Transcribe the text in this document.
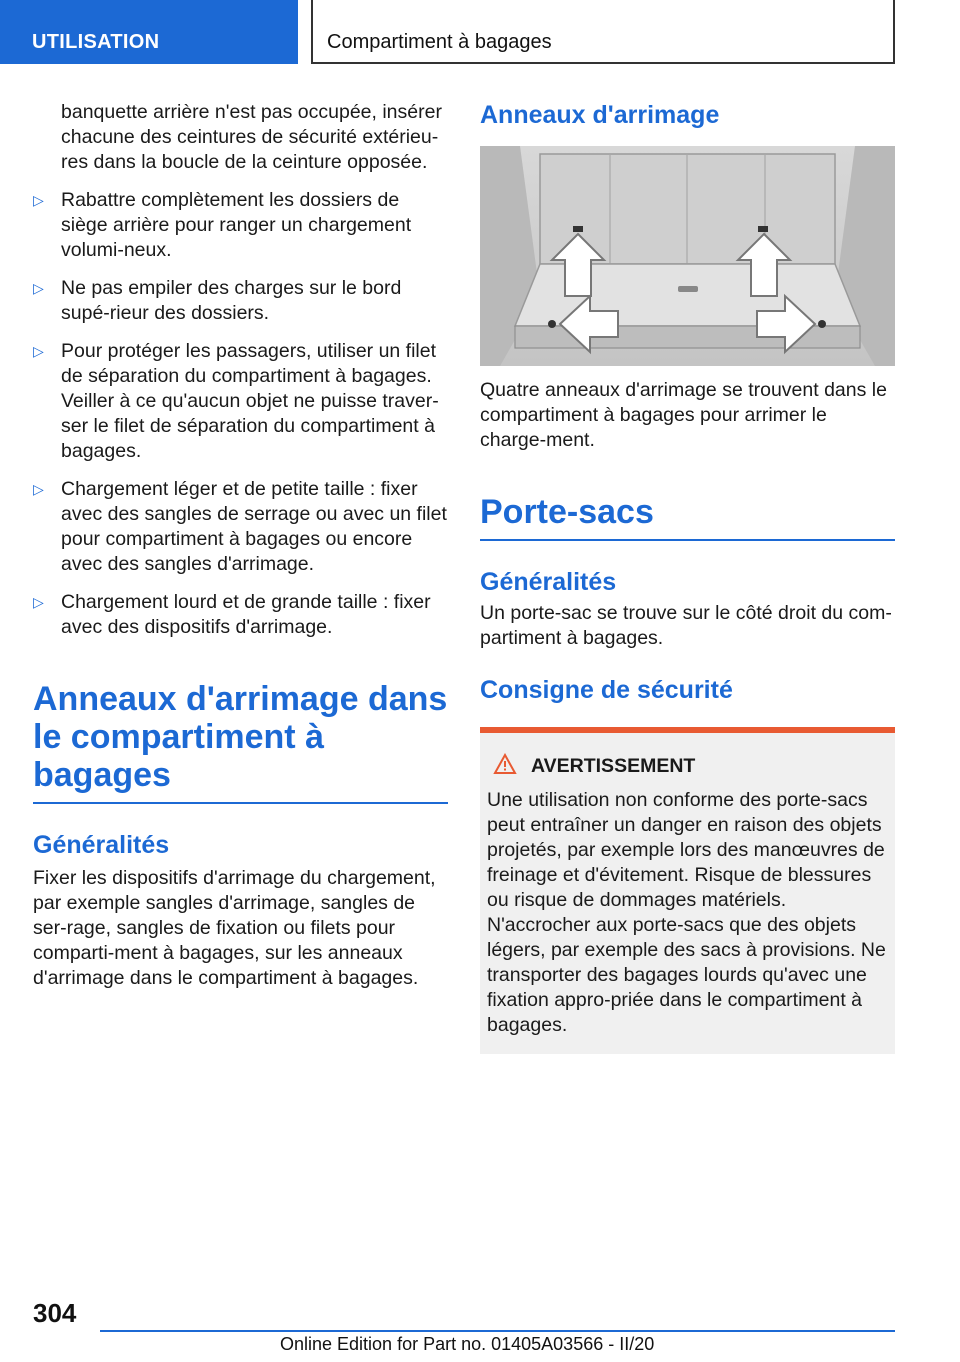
UTILISATION	Compartiment à bagages

banquette arrière n'est pas occupée, insérer chacune des ceintures de sécurité extérieu-res dans la boucle de la ceinture opposée.

▷ Rabattre complètement les dossiers de siège arrière pour ranger un chargement volumi-neux.
▷ Ne pas empiler des charges sur le bord supé-rieur des dossiers.
▷ Pour protéger les passagers, utiliser un filet de séparation du compartiment à bagages. Veiller à ce qu'aucun objet ne puisse traver-ser le filet de séparation du compartiment à bagages.
▷ Chargement léger et de petite taille : fixer avec des sangles de serrage ou avec un filet pour compartiment à bagages ou encore avec des sangles d'arrimage.
▷ Chargement lourd et de grande taille : fixer avec des dispositifs d'arrimage.
Anneaux d'arrimage dans le compartiment à bagages
Généralités

Fixer les dispositifs d'arrimage du chargement, par exemple sangles d'arrimage, sangles de ser-rage, sangles de fixation ou filets pour comparti-ment à bagages, sur les anneaux d'arrimage dans le compartiment à bagages.

Anneaux d'arrimage

Quatre anneaux d'arrimage se trouvent dans le compartiment à bagages pour arrimer le charge-ment.

Porte-sacs
Généralités

Un porte-sac se trouve sur le côté droit du com-partiment à bagages.

Consigne de sécurité
AVERTISSEMENT

Une utilisation non conforme des porte-sacs peut entraîner un danger en raison des objets projetés, par exemple lors des manœuvres de freinage et d'évitement. Risque de blessures ou risque de dommages matériels. N'accrocher aux porte-sacs que des objets légers, par exemple des sacs à provisions. Ne transporter des bagages lourds qu'avec une fixation appro-priée dans le compartiment à bagages.

304
Online Edition for Part no. 01405A03566 - II/20
